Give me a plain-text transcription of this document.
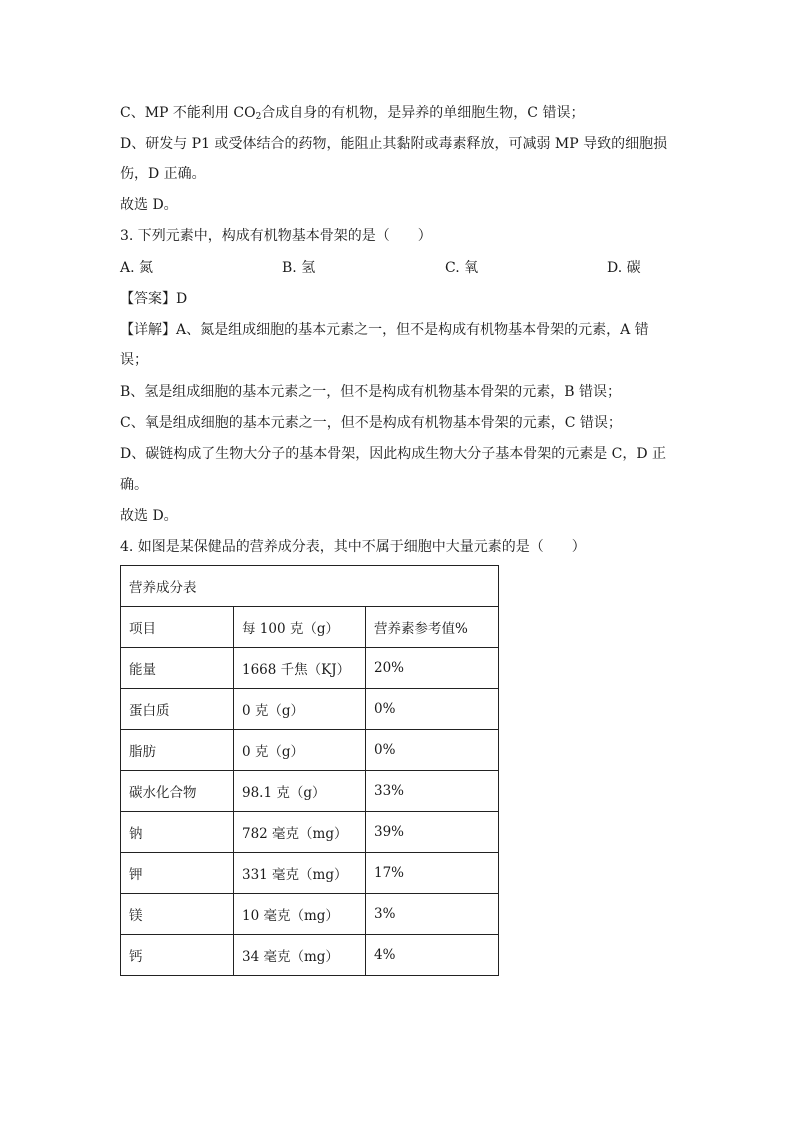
C、MP 不能利用 $CO_2$合成自身的有机物，是异养的单细胞生物，C 错误；
D、研发与 P1 或受体结合的药物，能阻止其黏附或毒素释放，可减弱 MP 导致的细胞损
伤，D 正确。
故选 D。
3. 下列元素中，构成有机物基本骨架的是（　　）
A. 氮	B. 氢	C. 氧	D. 碳
【答案】D
【详解】A、氮是组成细胞的基本元素之一，但不是构成有机物基本骨架的元素，A 错
误；
B、氢是组成细胞的基本元素之一，但不是构成有机物基本骨架的元素，B 错误；
C、氧是组成细胞的基本元素之一，但不是构成有机物基本骨架的元素，C 错误；
D、碳链构成了生物大分子的基本骨架，因此构成生物大分子基本骨架的元素是 C，D 正
确。
故选 D。
4. 如图是某保健品的营养成分表，其中不属于细胞中大量元素的是（　　）
营养成分表		
项目	每 100 克（g）	营养素参考值%
能量	1668 千焦（KJ）	20%
蛋白质	0 克（g）	0%
脂肪	0 克（g）	0%
碳水化合物	98.1 克（g）	33%
钠	782 毫克（mg）	39%
钾	331 毫克（mg）	17%
镁	10 毫克（mg）	3%
钙	34 毫克（mg）	4%
